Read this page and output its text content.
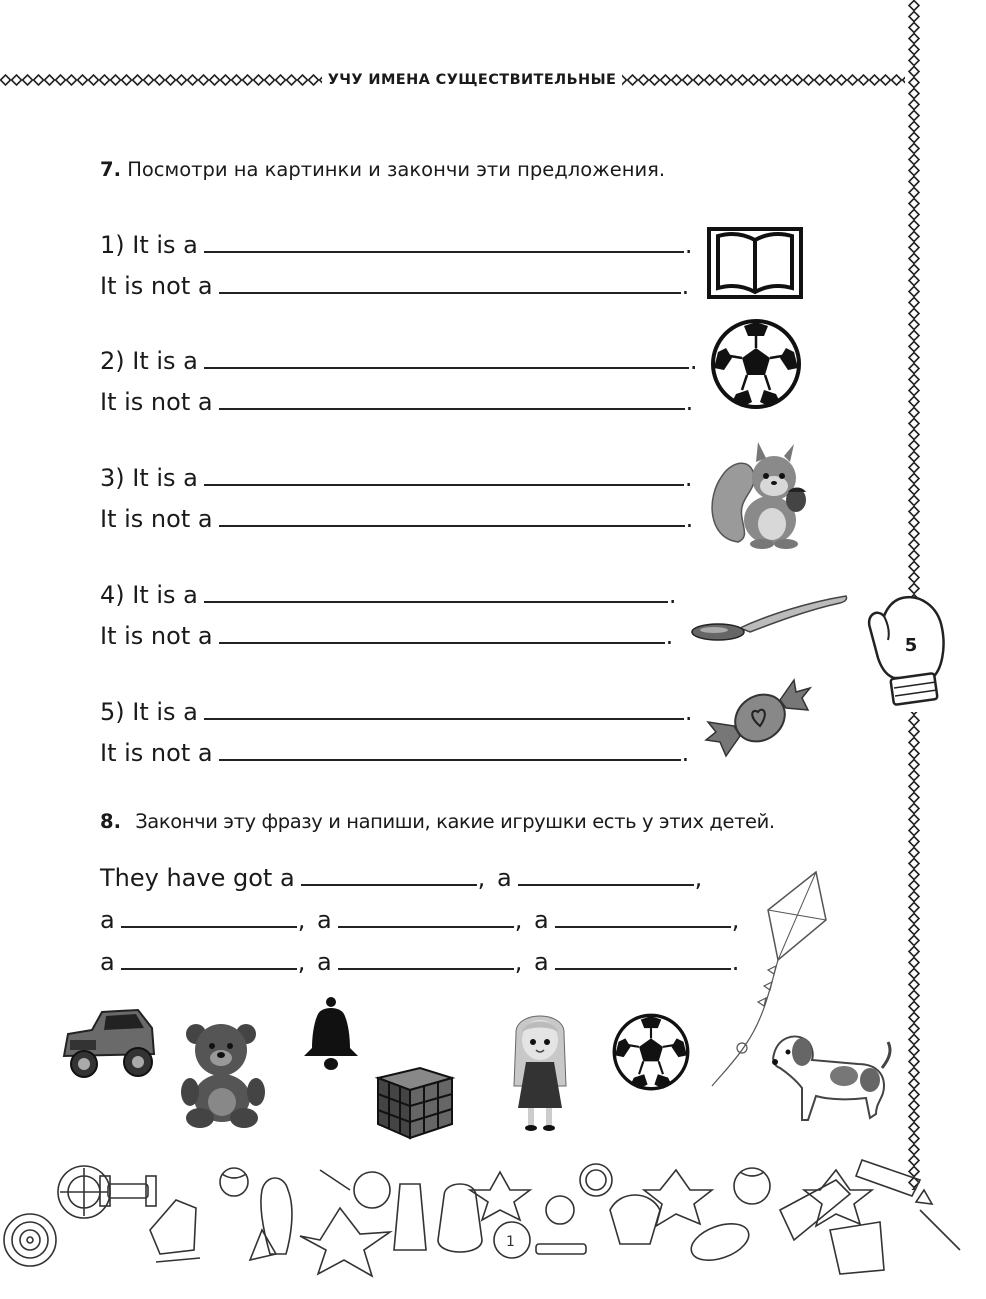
УЧУ ИМЕНА СУЩЕСТВИТЕЛЬНЫЕ
5
7. Посмотри на картинки и закончи эти предложения.
1) It is a	.
It is not a	.
2) It is a	.
It is not a	.
3) It is a	.
It is not a	.
4) It is a	.
It is not a	.
5) It is a	.
It is not a	.
8. Закончи эту фразу и напиши, какие игрушки есть у этих детей.
They have got a	, a	,
a	, a	, a	,
a	, a	, a	.
1
